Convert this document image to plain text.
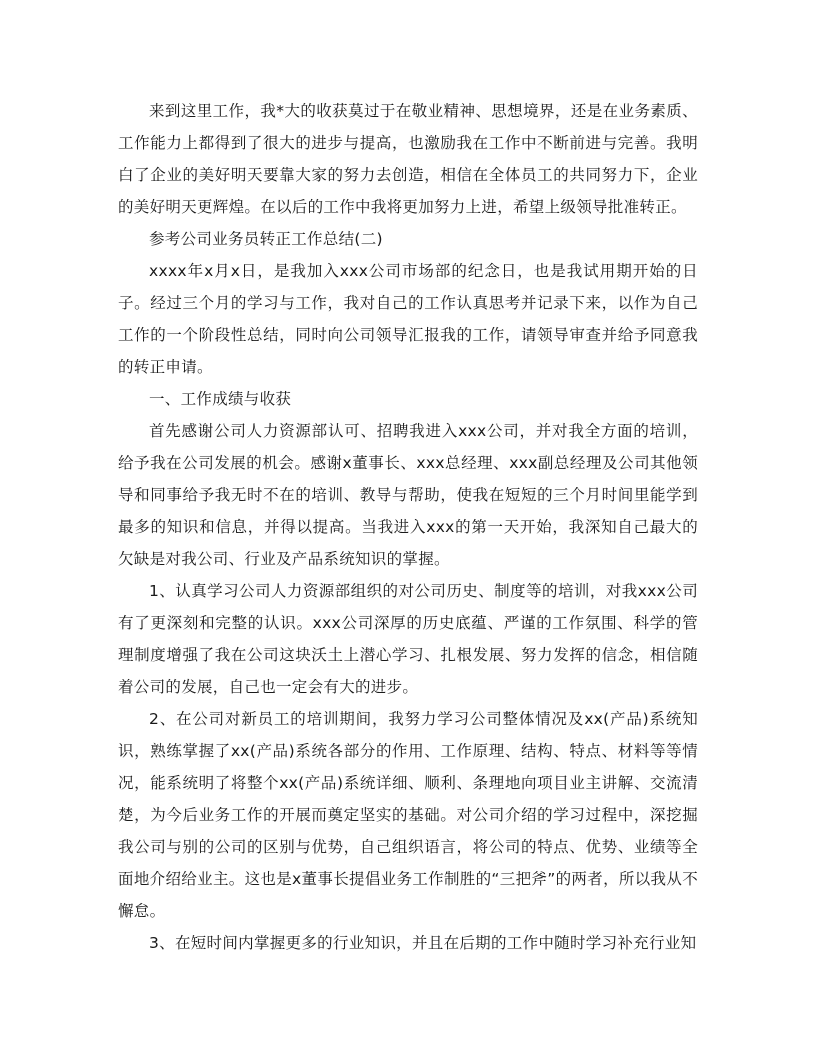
来到这里工作，我*大的收获莫过于在敬业精神、思想境界，还是在业务素质、工作能力上都得到了很大的进步与提高，也激励我在工作中不断前进与完善。我明白了企业的美好明天要靠大家的努力去创造，相信在全体员工的共同努力下，企业的美好明天更辉煌。在以后的工作中我将更加努力上进，希望上级领导批准转正。

参考公司业务员转正工作总结(二)

xxxx年x月x日，是我加入xxx公司市场部的纪念日，也是我试用期开始的日子。经过三个月的学习与工作，我对自己的工作认真思考并记录下来，以作为自己工作的一个阶段性总结，同时向公司领导汇报我的工作，请领导审查并给予同意我的转正申请。

一、工作成绩与收获

首先感谢公司人力资源部认可、招聘我进入xxx公司，并对我全方面的培训，给予我在公司发展的机会。感谢x董事长、xxx总经理、xxx副总经理及公司其他领导和同事给予我无时不在的培训、教导与帮助，使我在短短的三个月时间里能学到最多的知识和信息，并得以提高。当我进入xxx的第一天开始，我深知自己最大的欠缺是对我公司、行业及产品系统知识的掌握。

1、认真学习公司人力资源部组织的对公司历史、制度等的培训，对我xxx公司有了更深刻和完整的认识。xxx公司深厚的历史底蕴、严谨的工作氛围、科学的管理制度增强了我在公司这块沃土上潜心学习、扎根发展、努力发挥的信念，相信随着公司的发展，自己也一定会有大的进步。

2、在公司对新员工的培训期间，我努力学习公司整体情况及xx(产品)系统知识，熟练掌握了xx(产品)系统各部分的作用、工作原理、结构、特点、材料等等情况，能系统明了将整个xx(产品)系统详细、顺利、条理地向项目业主讲解、交流清楚，为今后业务工作的开展而奠定坚实的基础。对公司介绍的学习过程中，深挖掘我公司与别的公司的区别与优势，自己组织语言，将公司的特点、优势、业绩等全面地介绍给业主。这也是x董事长提倡业务工作制胜的“三把斧”的两者，所以我从不懈怠。

3、在短时间内掌握更多的行业知识，并且在后期的工作中随时学习补充行业知
